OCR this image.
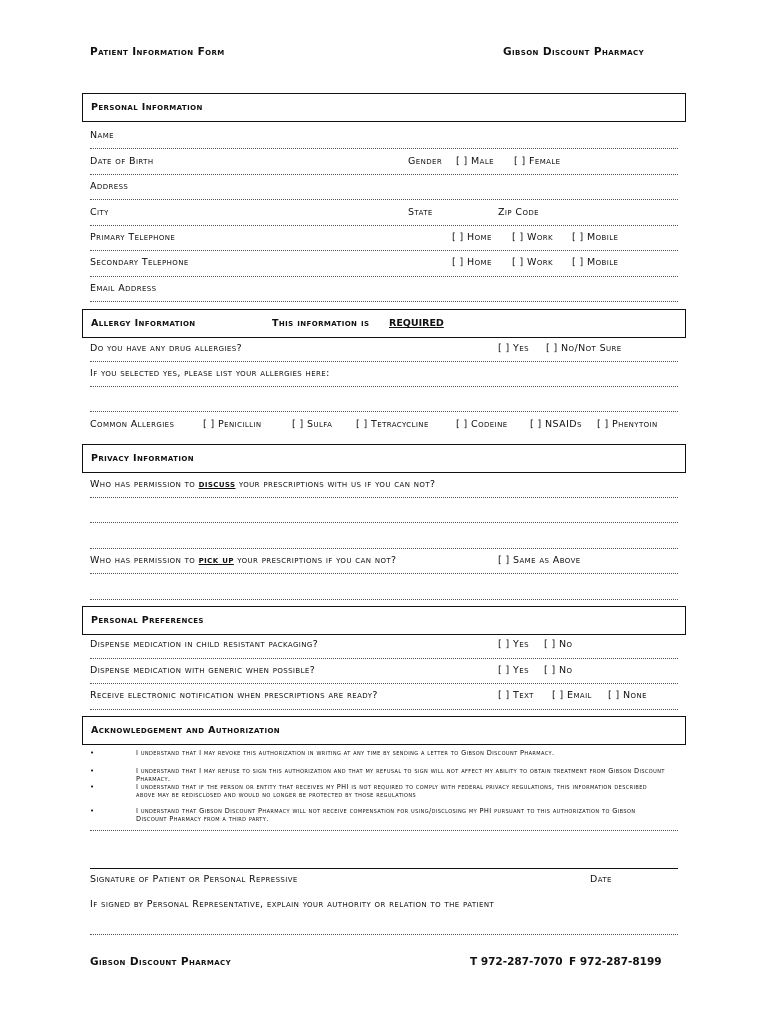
Patient Information Form	Gibson Discount Pharmacy
Personal Information
Name
Date of Birth	Gender [ ] Male [ ] Female
Address
City	State	Zip Code
Primary Telephone	[ ] Home [ ] Work [ ] Mobile
Secondary Telephone	[ ] Home [ ] Work [ ] Mobile
Email Address
Allergy Information	This information is REQUIRED
Do you have any drug allergies?	[ ] Yes [ ] No/Not Sure
If you selected yes, please list your allergies here:
Common Allergies	[ ] Penicillin	[ ] Sulfa [ ] Tetracycline	[ ] Codeine [ ] NSAIDs [ ] Phenytoin
Privacy Information
Who has permission to discuss your prescriptions with us if you can not?
Who has permission to pick up your prescriptions if you can not?	[ ] Same as Above
Personal Preferences
Dispense medication in child resistant packaging?	[ ] Yes [ ] No
Dispense medication with generic when possible?	[ ] Yes [ ] No
Receive electronic notification when prescriptions are ready?	[ ] Text [ ] Email [ ] None
Acknowledgement and Authorization
•	I understand that I may revoke this authorization in writing at any time by sending a letter to Gibson Discount Pharmacy.
•	I understand that I may refuse to sign this authorization and that my refusal to sign will not affect my ability to obtain treatment from Gibson Discount Pharmacy.
•	I understand that if the person or entity that receives my PHI is not required to comply with federal privacy regulations, this information described above may be redisclosed and would no longer be protected by those regulations
•	I understand that Gibson Discount Pharmacy will not receive compensation for using/disclosing my PHI pursuant to this authorization to Gibson Discount Pharmacy from a third party.
Signature of Patient or Personal Repressive	Date
If signed by Personal Representative, explain your authority or relation to the patient
Gibson Discount Pharmacy	T 972-287-7070 F 972-287-8199
